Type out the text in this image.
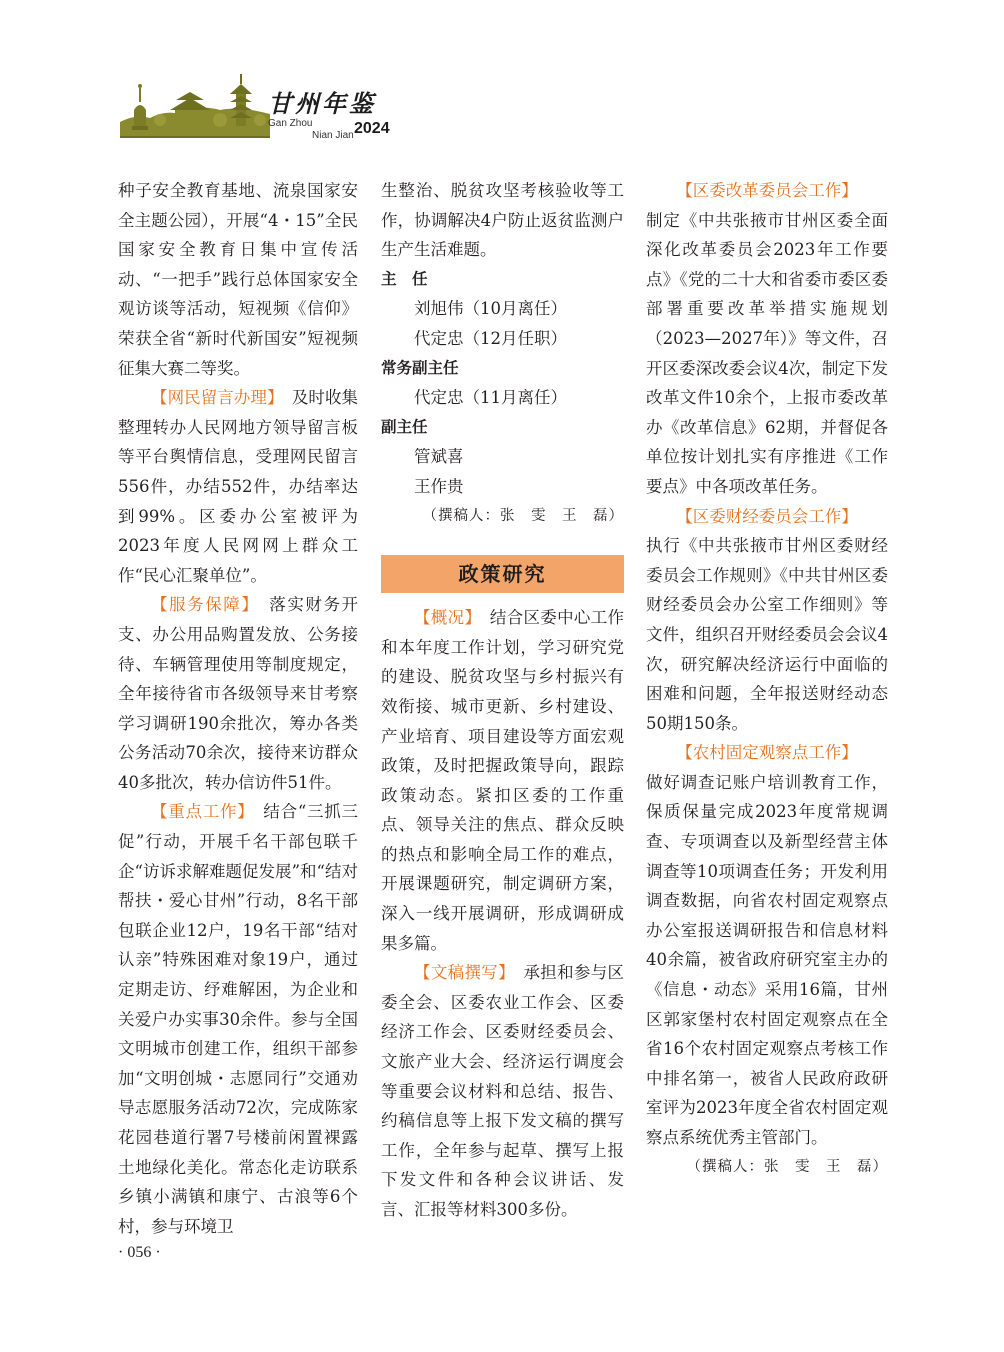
甘州年鉴
Gan Zhou
Nian Jian 2024

种子安全教育基地、流泉国家安全主题公园），开展“4・15”全民国家安全教育日集中宣传活动、“一把手”践行总体国家安全观访谈等活动，短视频《信仰》荣获全省“新时代新国安”短视频征集大赛二等奖。

【网民留言办理】　 及时收集整理转办人民网地方领导留言板等平台舆情信息，受理网民留言556件，办结552件，办结率达到99%。区委办公室被评为2023年度人民网网上群众工作“民心汇聚单位”。

【服务保障】　 落实财务开支、办公用品购置发放、公务接待、车辆管理使用等制度规定，全年接待省市各级领导来甘考察学习调研190余批次，筹办各类公务活动70余次，接待来访群众40多批次，转办信访件51件。

【重点工作】　 结合“三抓三促”行动，开展千名干部包联千企“访诉求解难题促发展”和“结对帮扶・爱心甘州”行动，8名干部包联企业12户，19名干部“结对认亲”特殊困难对象19户，通过定期走访、纾难解困，为企业和关爱户办实事30余件。参与全国文明城市创建工作，组织干部参加“文明创城・志愿同行”交通劝导志愿服务活动72次，完成陈家花园巷道行署7号楼前闲置裸露土地绿化美化。常态化走访联系乡镇小满镇和康宁、古浪等6个村，参与环境卫

生整治、脱贫攻坚考核验收等工作，协调解决4户防止返贫监测户生产生活难题。

主　任

刘旭伟（10月离任）

代定忠（12月任职）

常务副主任

代定忠（11月离任）

副主任

管斌喜

王作贵

（撰稿人：张　雯　王　磊）

政策研究

【概况】　 结合区委中心工作和本年度工作计划，学习研究党的建设、脱贫攻坚与乡村振兴有效衔接、城市更新、乡村建设、产业培育、项目建设等方面宏观政策，及时把握政策导向，跟踪政策动态。紧扣区委的工作重点、领导关注的焦点、群众反映的热点和影响全局工作的难点，开展课题研究，制定调研方案，深入一线开展调研，形成调研成果多篇。

【文稿撰写】　 承担和参与区委全会、区委农业工作会、区委经济工作会、区委财经委员会、文旅产业大会、经济运行调度会等重要会议材料和总结、报告、约稿信息等上报下发文稿的撰写工作，全年参与起草、撰写上报下发文件和各种会议讲话、发言、汇报等材料300多份。

【区委改革委员会工作】

制定《中共张掖市甘州区委全面深化改革委员会2023年工作要点》《党的二十大和省委市委区委部署重要改革举措实施规划（2023—2027年）》等文件，召开区委深改委会议4次，制定下发改革文件10余个，上报市委改革办《改革信息》62期，并督促各单位按计划扎实有序推进《工作要点》中各项改革任务。

【区委财经委员会工作】

执行《中共张掖市甘州区委财经委员会工作规则》《中共甘州区委财经委员会办公室工作细则》等文件，组织召开财经委员会会议4次，研究解决经济运行中面临的困难和问题，全年报送财经动态50期150条。

【农村固定观察点工作】

做好调查记账户培训教育工作，保质保量完成2023年度常规调查、专项调查以及新型经营主体调查等10项调查任务；开发利用调查数据，向省农村固定观察点办公室报送调研报告和信息材料40余篇，被省政府研究室主办的《信息・动态》采用16篇，甘州区郭家堡村农村固定观察点在全省16个农村固定观察点考核工作中排名第一，被省人民政府政研室评为2023年度全省农村固定观察点系统优秀主管部门。

（撰稿人：张　雯　王　磊）

· 056 ·
